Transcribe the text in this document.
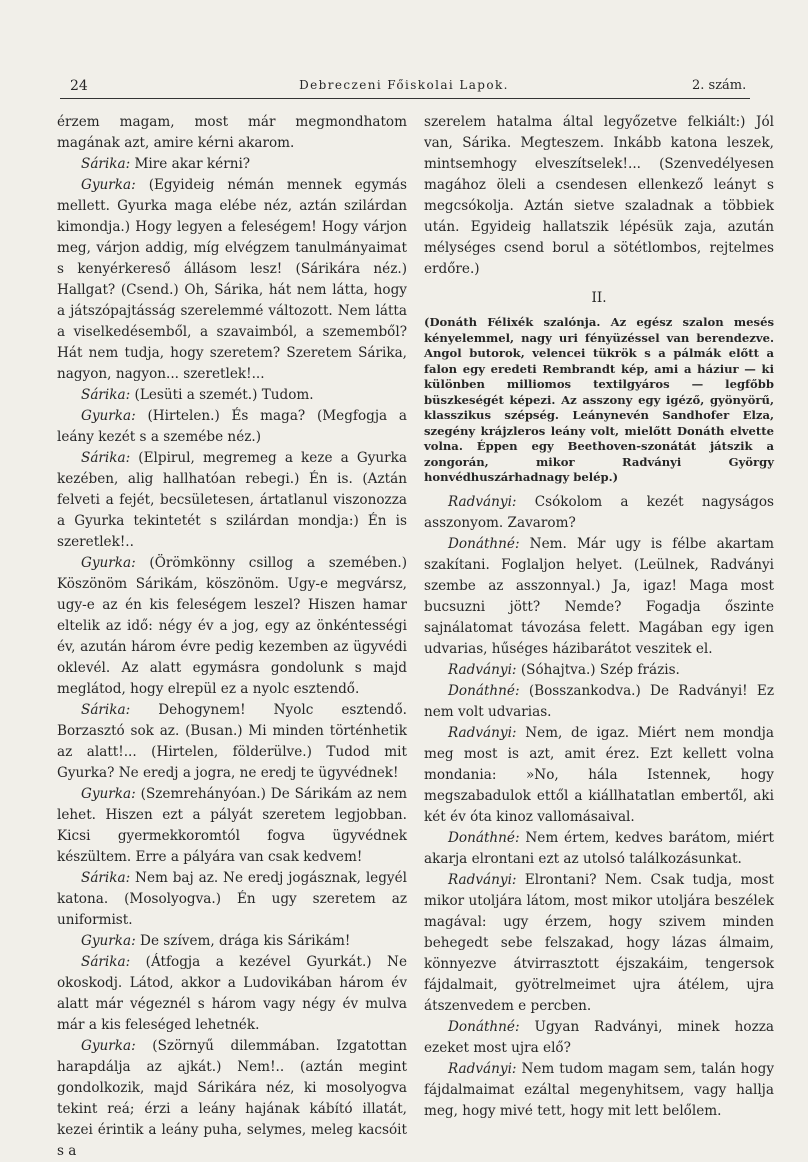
24	Debreczeni Főiskolai Lapok.	2. szám.

érzem magam, most már megmondhatom magának azt, amire kérni akarom.

Sárika: Mire akar kérni?

Gyurka: (Egyideig némán mennek egymás mellett. Gyurka maga elébe néz, aztán szilárdan kimondja.) Hogy legyen a feleségem! Hogy várjon meg, várjon addig, míg elvégzem tanulmányaimat s kenyérkereső állásom lesz! (Sárikára néz.) Hallgat? (Csend.) Oh, Sárika, hát nem látta, hogy a játszópajtásság szerelemmé változott. Nem látta a viselkedésemből, a szavaimból, a szememből? Hát nem tudja, hogy szeretem? Szeretem Sárika, nagyon, nagyon... szeretlek!...

Sárika: (Lesüti a szemét.) Tudom.

Gyurka: (Hirtelen.) És maga? (Megfogja a leány kezét s a szemébe néz.)

Sárika: (Elpirul, megremeg a keze a Gyurka kezében, alig hallhatóan rebegi.) Én is. (Aztán felveti a fejét, becsületesen, ártatlanul viszonozza a Gyurka tekintetét s szilárdan mondja:) Én is szeretlek!..

Gyurka: (Örömkönny csillog a szemében.) Köszönöm Sárikám, köszönöm. Ugy-e megvársz, ugy-e az én kis feleségem leszel? Hiszen hamar eltelik az idő: négy év a jog, egy az önkéntességi év, azután három évre pedig kezemben az ügyvédi oklevél. Az alatt egymásra gondolunk s majd meglátod, hogy elrepül ez a nyolc esztendő.

Sárika: Dehogynem! Nyolc esztendő. Borzasztó sok az. (Busan.) Mi minden történhetik az alatt!... (Hirtelen, földerülve.) Tudod mit Gyurka? Ne eredj a jogra, ne eredj te ügyvédnek!

Gyurka: (Szemrehányóan.) De Sárikám az nem lehet. Hiszen ezt a pályát szeretem legjobban. Kicsi gyermekkoromtól fogva ügyvédnek készültem. Erre a pályára van csak kedvem!

Sárika: Nem baj az. Ne eredj jogásznak, legyél katona. (Mosolyogva.) Én ugy szeretem az uniformist.

Gyurka: De szívem, drága kis Sárikám!

Sárika: (Átfogja a kezével Gyurkát.) Ne okoskodj. Látod, akkor a Ludovikában három év alatt már végeznél s három vagy négy év mulva már a kis feleséged lehetnék.

Gyurka: (Szörnyű dilemmában. Izgatottan harapdálja az ajkát.) Nem!.. (aztán megint gondolkozik, majd Sárikára néz, ki mosolyogva tekint reá; érzi a leány hajának kábító illatát, kezei érintik a leány puha, selymes, meleg kacsóit s a

szerelem hatalma által legyőzetve felkiált:) Jól van, Sárika. Megteszem. Inkább katona leszek, mintsemhogy elveszítselek!... (Szenvedélyesen magához öleli a csendesen ellenkező leányt s megcsókolja. Aztán sietve szaladnak a többiek után. Egyideig hallatszik lépésük zaja, azután mélységes csend borul a sötétlombos, rejtelmes erdőre.)

II.
(Donáth Félixék szalónja. Az egész szalon mesés kényelemmel, nagy uri fényüzéssel van berendezve. Angol butorok, velencei tükrök s a pálmák előtt a falon egy eredeti Rembrandt kép, ami a háziur — ki különben milliomos textilgyáros — legfőbb büszkeségét képezi. Az asszony egy igéző, gyönyörű, klasszikus szépség. Leánynevén Sandhofer Elza, szegény krájzleros leány volt, mielőtt Donáth elvette volna. Éppen egy Beethoven-szonátát játszik a zongorán, mikor Radványi György honvédhuszárhadnagy belép.)

Radványi: Csókolom a kezét nagyságos asszonyom. Zavarom?

Donáthné: Nem. Már ugy is félbe akartam szakítani. Foglaljon helyet. (Leülnek, Radványi szembe az asszonnyal.) Ja, igaz! Maga most bucsuzni jött? Nemde? Fogadja őszinte sajnálatomat távozása felett. Magában egy igen udvarias, hűséges házibarátot veszitek el.

Radványi: (Sóhajtva.) Szép frázis.

Donáthné: (Bosszankodva.) De Radványi! Ez nem volt udvarias.

Radványi: Nem, de igaz. Miért nem mondja meg most is azt, amit érez. Ezt kellett volna mondania: »No, hála Istennek, hogy megszabadulok ettől a kiállhatatlan embertől, aki két év óta kinoz vallomásaival.

Donáthné: Nem értem, kedves barátom, miért akarja elrontani ezt az utolsó találkozásunkat.

Radványi: Elrontani? Nem. Csak tudja, most mikor utoljára látom, most mikor utoljára beszélek magával: ugy érzem, hogy szivem minden behegedt sebe felszakad, hogy lázas álmaim, könnyezve átvirrasztott éjszakáim, tengersok fájdalmait, gyötrelmeimet ujra átélem, ujra átszenvedem e percben.

Donáthné: Ugyan Radványi, minek hozza ezeket most ujra elő?

Radványi: Nem tudom magam sem, talán hogy fájdalmaimat ezáltal megenyhitsem, vagy hallja meg, hogy mivé tett, hogy mit lett belőlem.
